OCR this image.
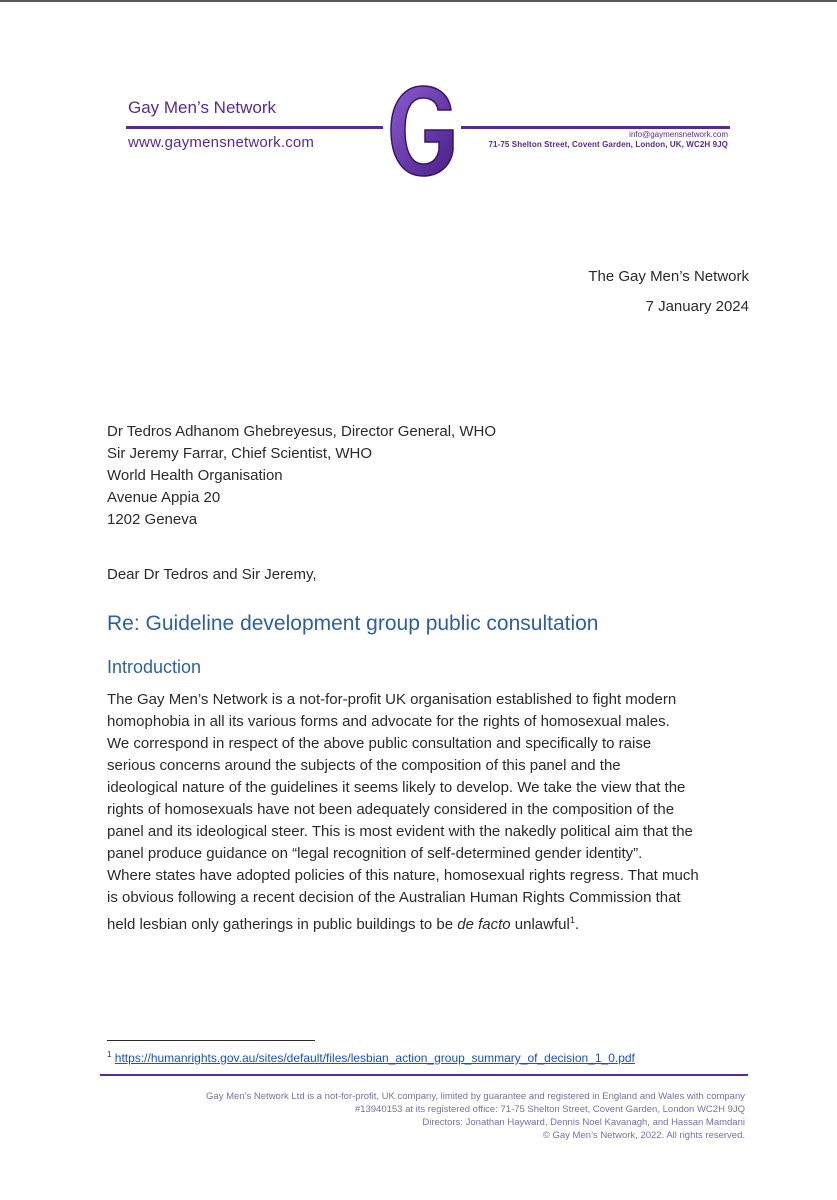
Gay Men’s Network
www.gaymensnetwork.com	info@gaymensnetwork.com
71-75 Shelton Street, Covent Garden, London, UK, WC2H 9JQ
The Gay Men’s Network
7 January 2024
Dr Tedros Adhanom Ghebreyesus, Director General, WHO
Sir Jeremy Farrar, Chief Scientist, WHO
World Health Organisation
Avenue Appia 20
1202 Geneva
Dear Dr Tedros and Sir Jeremy,
Re: Guideline development group public consultation
Introduction
The Gay Men’s Network is a not-for-profit UK organisation established to fight modern
homophobia in all its various forms and advocate for the rights of homosexual males.
We correspond in respect of the above public consultation and specifically to raise
serious concerns around the subjects of the composition of this panel and the
ideological nature of the guidelines it seems likely to develop. We take the view that the
rights of homosexuals have not been adequately considered in the composition of the
panel and its ideological steer. This is most evident with the nakedly political aim that the
panel produce guidance on “legal recognition of self-determined gender identity”.
Where states have adopted policies of this nature, homosexual rights regress. That much
is obvious following a recent decision of the Australian Human Rights Commission that
held lesbian only gatherings in public buildings to be de facto unlawful$^1$.
$^1$ https://humanrights.gov.au/sites/default/files/lesbian_action_group_summary_of_decision_1_0.pdf
Gay Men’s Network Ltd is a not-for-profit, UK company, limited by guarantee and registered in England and Wales with company
#13940153 at its registered office: 71-75 Shelton Street, Covent Garden, London WC2H 9JQ
Directors: Jonathan Hayward, Dennis Noel Kavanagh, and Hassan Mamdani
© Gay Men’s Network, 2022. All rights reserved.
